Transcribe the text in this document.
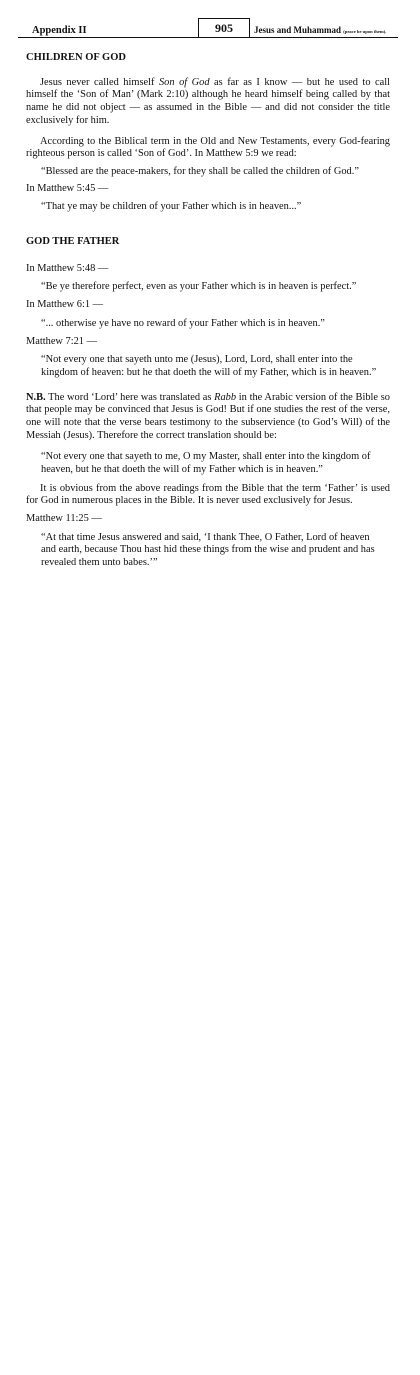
Appendix II	905	Jesus and Muhammad (peace be upon them).
CHILDREN OF GOD

Jesus never called himself Son of God as far as I know — but he used to call himself the ‘Son of Man’ (Mark 2:10) although he heard himself being called by that name he did not object — as assumed in the Bible — and did not consider the title exclusively for him.

According to the Biblical term in the Old and New Testaments, every God-fearing righteous person is called ‘Son of God’. In Matthew 5:9 we read:

“Blessed are the peace-makers, for they shall be called the children of God.”

In Matthew 5:45 —

“That ye may be children of your Father which is in heaven...”

GOD THE FATHER

In Matthew 5:48 —

“Be ye therefore perfect, even as your Father which is in heaven is perfect.”

In Matthew 6:1 —

“... otherwise ye have no reward of your Father which is in heaven.”

Matthew 7:21 —

“Not every one that sayeth unto me (Jesus), Lord, Lord, shall enter into the kingdom of heaven: but he that doeth the will of my Father, which is in heaven.”

N.B. The word ‘Lord’ here was translated as Rabb in the Arabic version of the Bible so that people may be convinced that Jesus is God! But if one studies the rest of the verse, one will note that the verse bears testimony to the subservience (to God’s Will) of the Messiah (Jesus). Therefore the correct translation should be:

“Not every one that sayeth to me, O my Master, shall enter into the kingdom of heaven, but he that doeth the will of my Father which is in heaven.”

It is obvious from the above readings from the Bible that the term ‘Father’ is used for God in numerous places in the Bible. It is never used exclusively for Jesus.

Matthew 11:25 —

“At that time Jesus answered and said, ‘I thank Thee, O Father, Lord of heaven and earth, because Thou hast hid these things from the wise and prudent and has revealed them unto babes.’”
